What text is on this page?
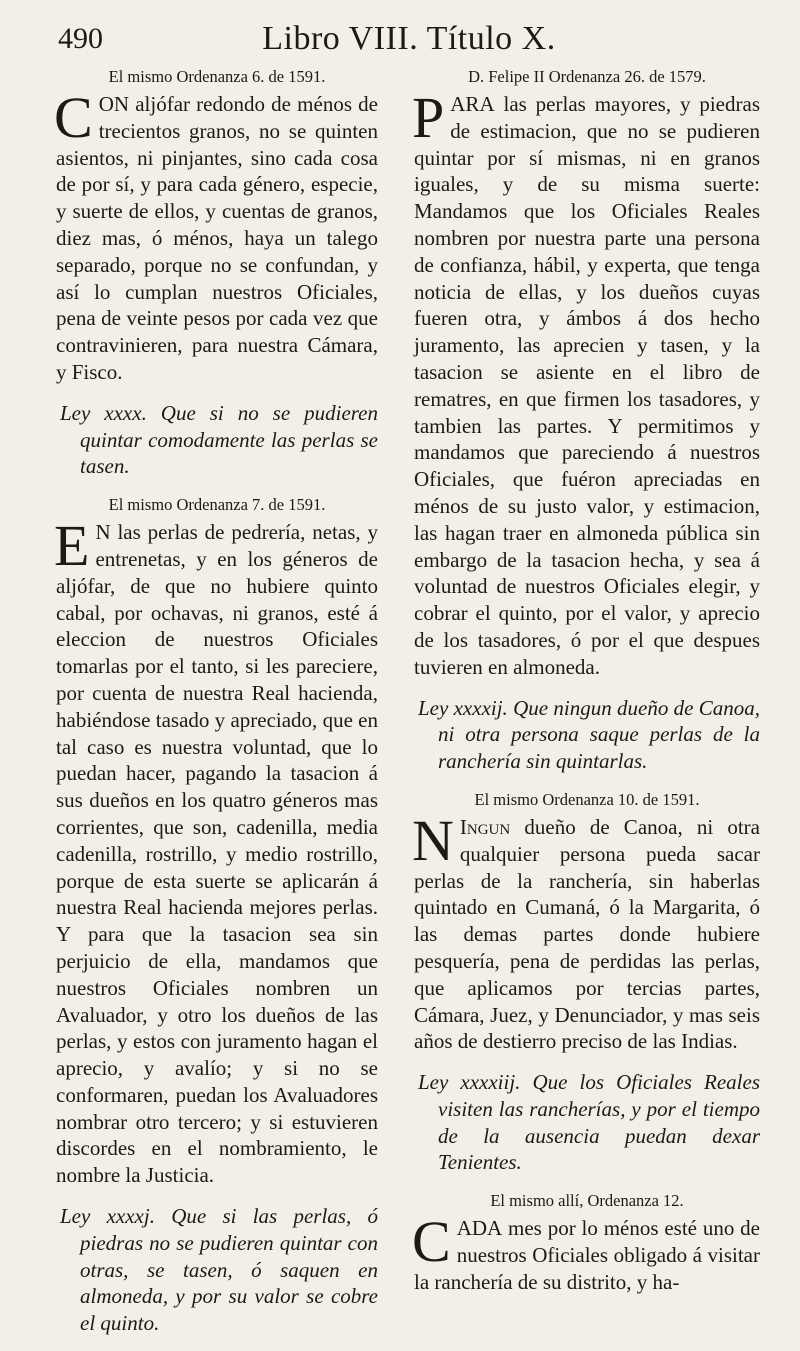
490	Libro VIII. Título X.
El mismo Ordenanza 6. de 1591.
CON aljófar redondo de ménos de trecientos granos, no se quinten asientos, ni pinjantes, sino cada cosa de por sí, y para cada género, especie, y suerte de ellos, y cuentas de granos, diez mas, ó ménos, haya un talego separado, porque no se confundan, y así lo cumplan nuestros Oficiales, pena de veinte pesos por cada vez que contravinieren, para nuestra Cámara, y Fisco.
Ley xxxx. Que si no se pudieren quintar comodamente las perlas se tasen.
El mismo Ordenanza 7. de 1591.
E N las perlas de pedrería, netas, y entrenetas, y en los géneros de aljófar, de que no hubiere quinto cabal, por ochavas, ni granos, esté á eleccion de nuestros Oficiales tomarlas por el tanto, si les pareciere, por cuenta de nuestra Real hacienda, habiéndose tasado y apreciado, que en tal caso es nuestra voluntad, que lo puedan hacer, pagando la tasacion á sus dueños en los quatro géneros mas corrientes, que son, cadenilla, media cadenilla, rostrillo, y medio rostrillo, porque de esta suerte se aplicarán á nuestra Real hacienda mejores perlas. Y para que la tasacion sea sin perjuicio de ella, mandamos que nuestros Oficiales nombren un Avaluador, y otro los dueños de las perlas, y estos con juramento hagan el aprecio, y avalío; y si no se conformaren, puedan los Avaluadores nombrar otro tercero; y si estuvieren discordes en el nombramiento, le nombre la Justicia.
Ley xxxxj. Que si las perlas, ó piedras no se pudieren quintar con otras, se tasen, ó saquen en almoneda, y por su valor se cobre el quinto.
D. Felipe II Ordenanza 26. de 1579.
PARA las perlas mayores, y piedras de estimacion, que no se pudieren quintar por sí mismas, ni en granos iguales, y de su misma suerte: Mandamos que los Oficiales Reales nombren por nuestra parte una persona de confianza, hábil, y experta, que tenga noticia de ellas, y los dueños cuyas fueren otra, y ámbos á dos hecho juramento, las aprecien y tasen, y la tasacion se asiente en el libro de rematres, en que firmen los tasadores, y tambien las partes. Y permitimos y mandamos que pareciendo á nuestros Oficiales, que fuéron apreciadas en ménos de su justo valor, y estimacion, las hagan traer en almoneda pública sin embargo de la tasacion hecha, y sea á voluntad de nuestros Oficiales elegir, y cobrar el quinto, por el valor, y aprecio de los tasadores, ó por el que despues tuvieren en almoneda.
Ley xxxxij. Que ningun dueño de Canoa, ni otra persona saque perlas de la ranchería sin quintarlas.
El mismo Ordenanza 10. de 1591.
N Ingun dueño de Canoa, ni otra qualquier persona pueda sacar perlas de la ranchería, sin haberlas quintado en Cumaná, ó la Margarita, ó las demas partes donde hubiere pesquería, pena de perdidas las perlas, que aplicamos por tercias partes, Cámara, Juez, y Denunciador, y mas seis años de destierro preciso de las Indias.
Ley xxxxiij. Que los Oficiales Reales visiten las rancherías, y por el tiempo de la ausencia puedan dexar Tenientes.
El mismo allí, Ordenanza 12.
CADA mes por lo ménos esté uno de nuestros Oficiales obligado á visitar la ranchería de su distrito, y ha-
